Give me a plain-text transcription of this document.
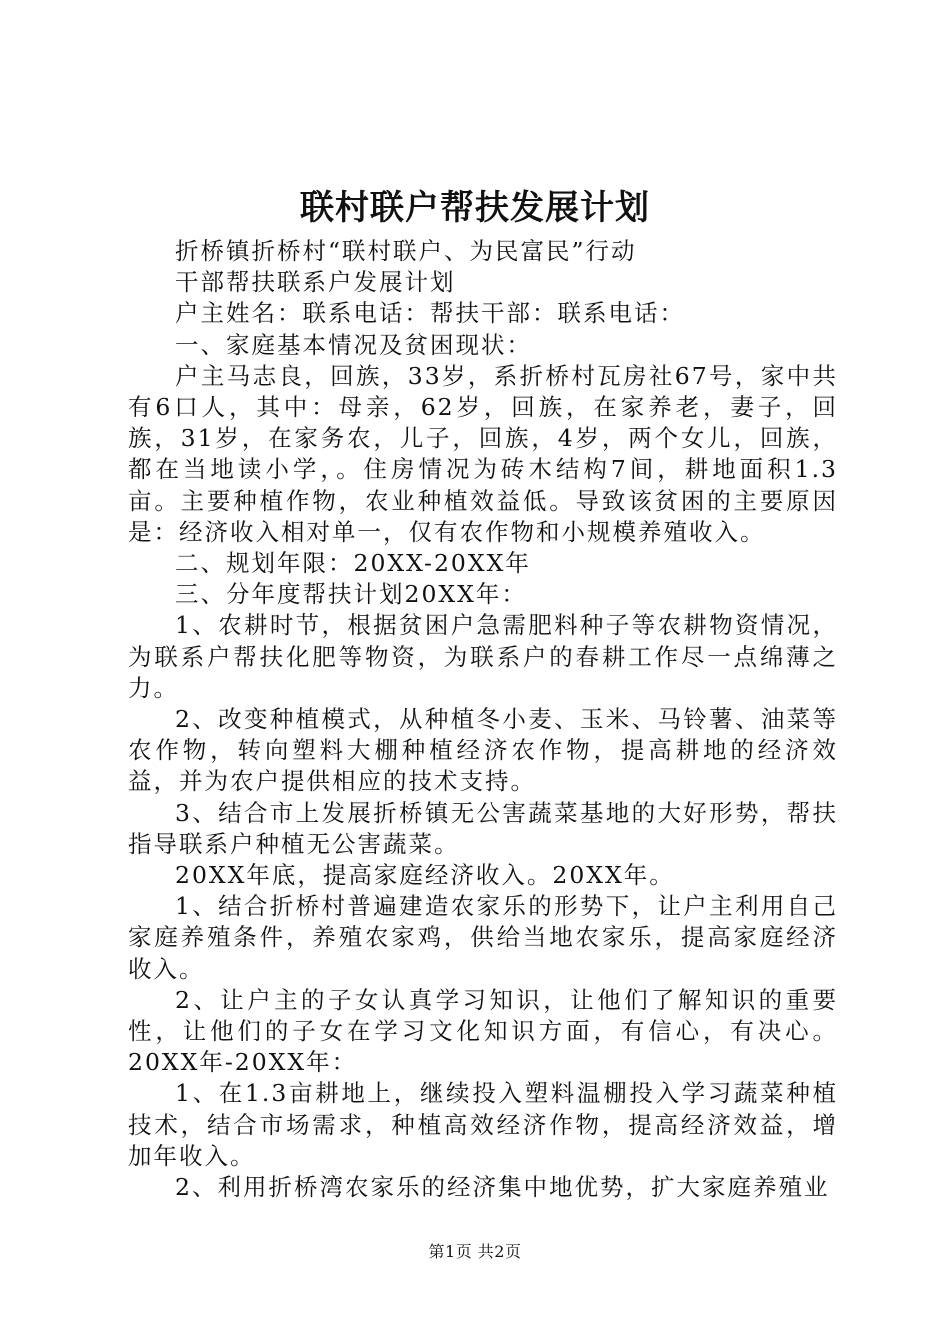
联村联户帮扶发展计划

折桥镇折桥村“联村联户、为民富民”行动

干部帮扶联系户发展计划

户主姓名：联系电话：帮扶干部：联系电话：

一、家庭基本情况及贫困现状：

户主马志良，回族，33岁，系折桥村瓦房社67号，家中共有6口人，其中：母亲，62岁，回族，在家养老，妻子，回族，31岁，在家务农，儿子，回族，4岁，两个女儿，回族，都在当地读小学，。住房情况为砖木结构7间，耕地面积1.3亩。主要种植作物，农业种植效益低。导致该贫困的主要原因是：经济收入相对单一，仅有农作物和小规模养殖收入。

二、规划年限：20XX-20XX年

三、分年度帮扶计划20XX年：

1、农耕时节，根据贫困户急需肥料种子等农耕物资情况，为联系户帮扶化肥等物资，为联系户的春耕工作尽一点绵薄之力。

2、改变种植模式，从种植冬小麦、玉米、马铃薯、油菜等农作物，转向塑料大棚种植经济农作物，提高耕地的经济效益，并为农户提供相应的技术支持。

3、结合市上发展折桥镇无公害蔬菜基地的大好形势，帮扶指导联系户种植无公害蔬菜。

20XX年底，提高家庭经济收入。20XX年。

1、结合折桥村普遍建造农家乐的形势下，让户主利用自己家庭养殖条件，养殖农家鸡，供给当地农家乐，提高家庭经济收入。

2、让户主的子女认真学习知识，让他们了解知识的重要性，让他们的子女在学习文化知识方面，有信心，有决心。20XX年-20XX年：

1、在1.3亩耕地上，继续投入塑料温棚投入学习蔬菜种植技术，结合市场需求，种植高效经济作物，提高经济效益，增加年收入。

2、利用折桥湾农家乐的经济集中地优势，扩大家庭养殖业

第1页 共2页
